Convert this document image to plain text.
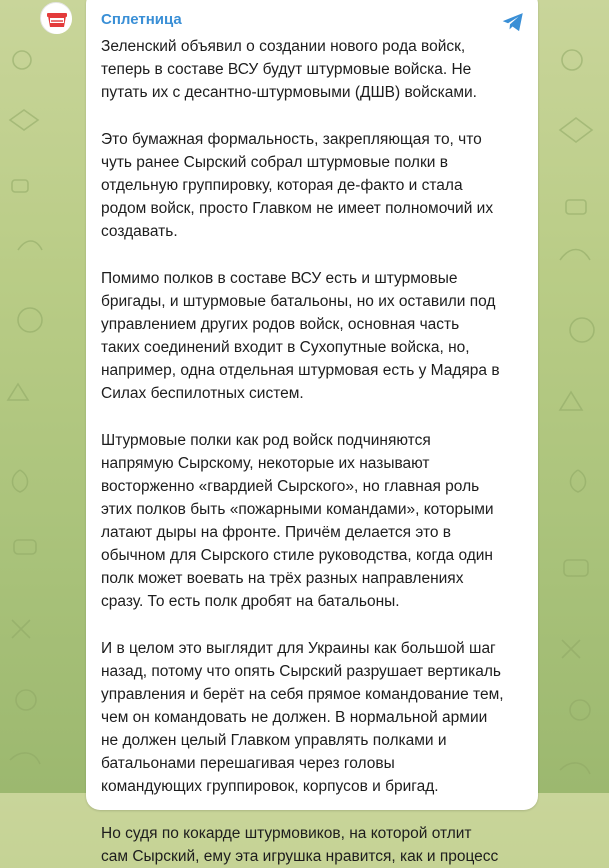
Сплетница

Зеленский объявил о создании нового рода войск,
теперь в составе ВСУ будут штурмовые войска. Не
путать их с десантно-штурмовыми (ДШВ) войсками.

Это бумажная формальность, закрепляющая то, что
чуть ранее Сырский собрал штурмовые полки в
отдельную группировку, которая де-факто и стала
родом войск, просто Главком не имеет полномочий их
создавать.

Помимо полков в составе ВСУ есть и штурмовые
бригады, и штурмовые батальоны, но их оставили под
управлением других родов войск, основная часть
таких соединений входит в Сухопутные войска, но,
например, одна отдельная штурмовая есть у Мадяра в
Силах беспилотных систем.

Штурмовые полки как род войск подчиняются
напрямую Сырскому, некоторые их называют
восторженно «гвардией Сырского», но главная роль
этих полков быть «пожарными командами», которыми
латают дыры на фронте. Причём делается это в
обычном для Сырского стиле руководства, когда один
полк может воевать на трёх разных направлениях
сразу. То есть полк дробят на батальоны.

И в целом это выглядит для Украины как большой шаг
назад, потому что опять Сырский разрушает вертикаль
управления и берёт на себя прямое командование тем,
чем он командовать не должен. В нормальной армии
не должен целый Главком управлять полками и
батальонами перешагивая через головы
командующих группировок, корпусов и бригад.

Но судя по кокарде штурмовиков, на которой отлит
сам Сырский, ему эта игрушка нравится, как и процесс
